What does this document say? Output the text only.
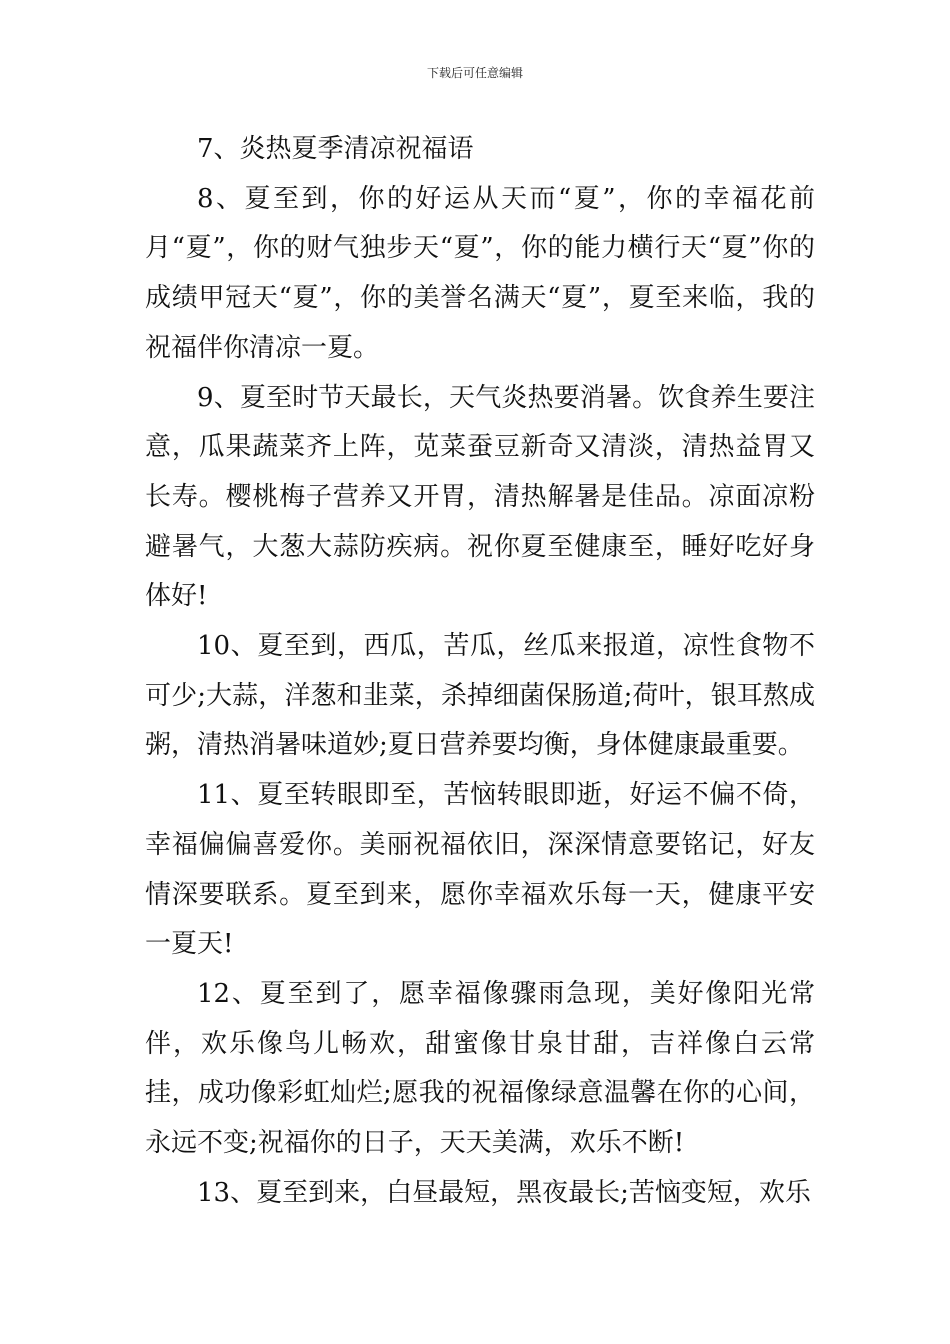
下载后可任意编辑

7、炎热夏季清凉祝福语

8、夏至到，你的好运从天而“夏”，你的幸福花前月“夏”，你的财气独步天“夏”，你的能力横行天“夏”你的成绩甲冠天“夏”，你的美誉名满天“夏”，夏至来临，我的祝福伴你清凉一夏。

9、夏至时节天最长，天气炎热要消暑。饮食养生要注意，瓜果蔬菜齐上阵，苋菜蚕豆新奇又清淡，清热益胃又长寿。樱桃梅子营养又开胃，清热解暑是佳品。凉面凉粉避暑气，大葱大蒜防疾病。祝你夏至健康至，睡好吃好身体好!

10、夏至到，西瓜，苦瓜，丝瓜来报道，凉性食物不可少;大蒜，洋葱和韭菜，杀掉细菌保肠道;荷叶，银耳熬成粥，清热消暑味道妙;夏日营养要均衡，身体健康最重要。

11、夏至转眼即至，苦恼转眼即逝，好运不偏不倚，幸福偏偏喜爱你。美丽祝福依旧，深深情意要铭记，好友情深要联系。夏至到来，愿你幸福欢乐每一天，健康平安一夏天!

12、夏至到了，愿幸福像骤雨急现，美好像阳光常伴，欢乐像鸟儿畅欢，甜蜜像甘泉甘甜，吉祥像白云常挂，成功像彩虹灿烂;愿我的祝福像绿意温馨在你的心间，永远不变;祝福你的日子，天天美满，欢乐不断!

13、夏至到来，白昼最短，黑夜最长;苦恼变短，欢乐
